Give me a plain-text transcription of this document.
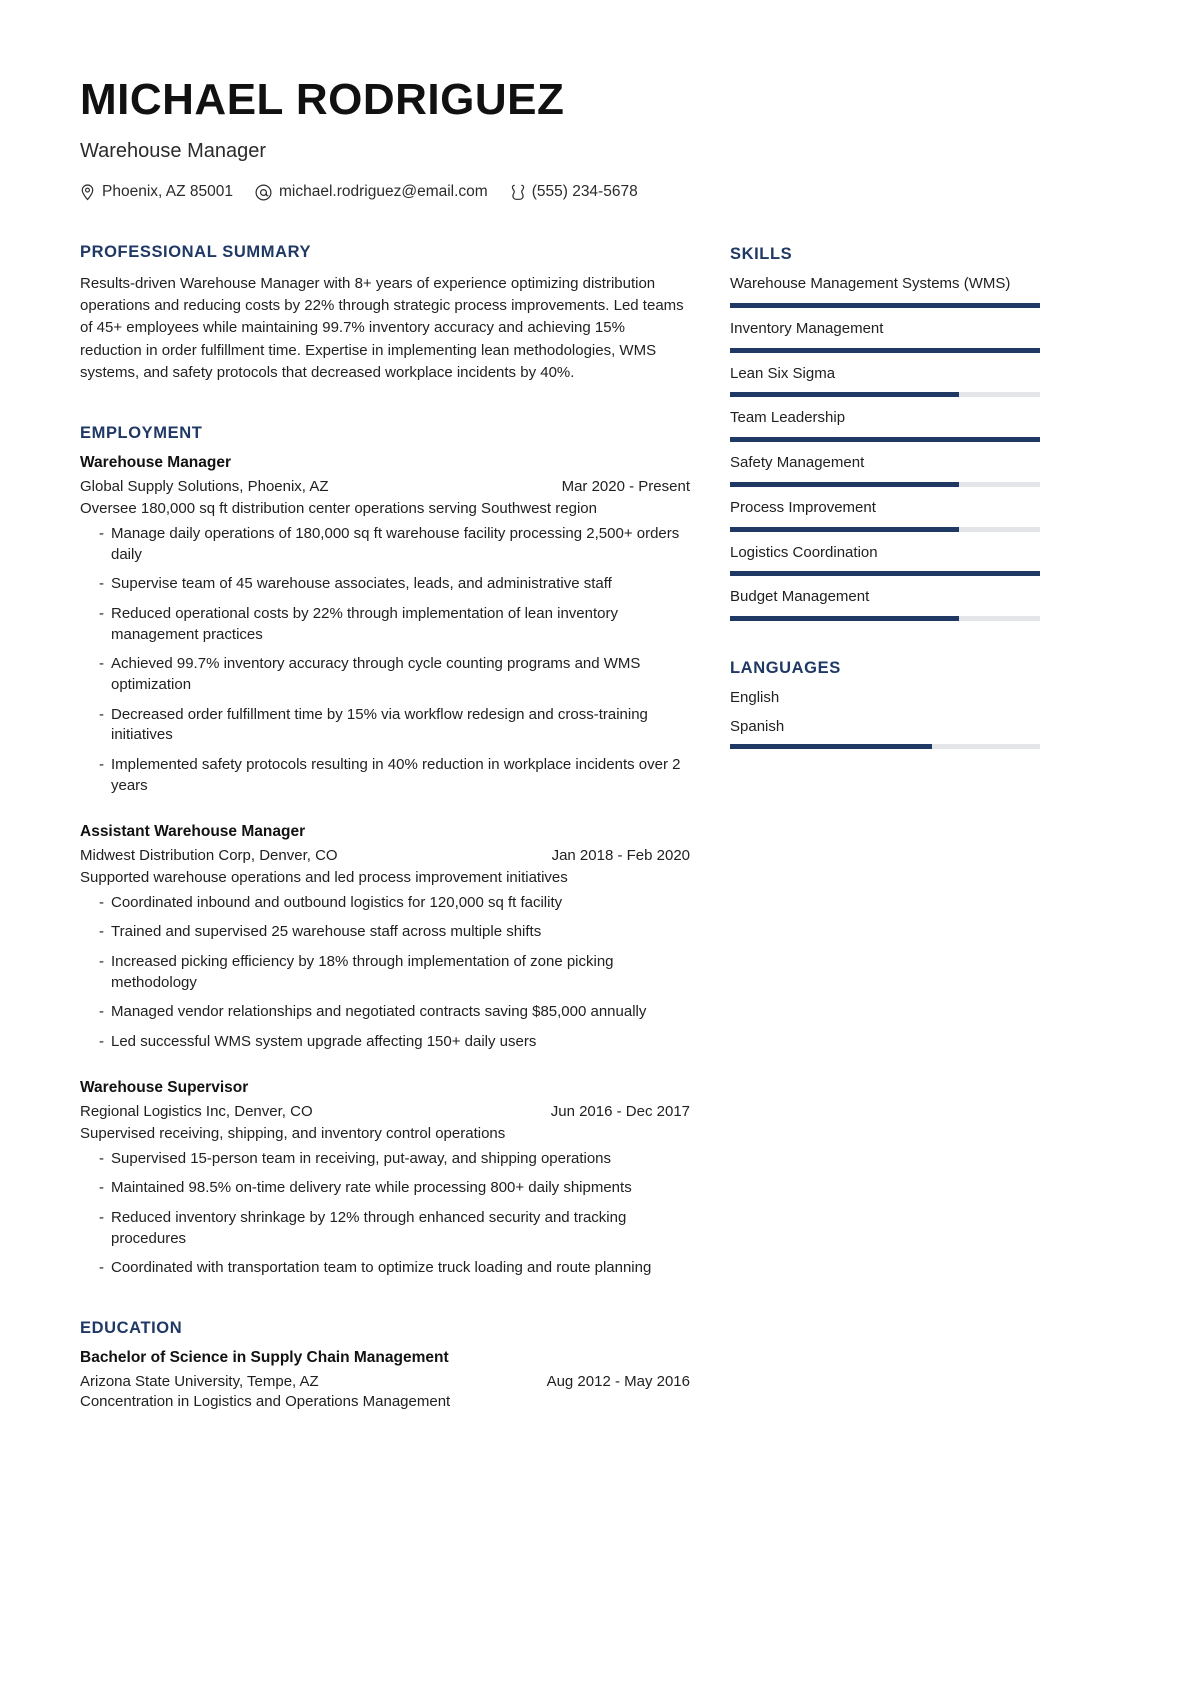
MICHAEL RODRIGUEZ
Warehouse Manager
Phoenix, AZ 85001	michael.rodriguez@email.com	(555) 234-5678
PROFESSIONAL SUMMARY

Results-driven Warehouse Manager with 8+ years of experience optimizing distribution operations and reducing costs by 22% through strategic process improvements. Led teams of 45+ employees while maintaining 99.7% inventory accuracy and achieving 15% reduction in order fulfillment time. Expertise in implementing lean methodologies, WMS systems, and safety protocols that decreased workplace incidents by 40%.

EMPLOYMENT
Warehouse Manager
Global Supply Solutions, Phoenix, AZ	Mar 2020 - Present
Oversee 180,000 sq ft distribution center operations serving Southwest region
- Manage daily operations of 180,000 sq ft warehouse facility processing 2,500+ orders daily
- Supervise team of 45 warehouse associates, leads, and administrative staff
- Reduced operational costs by 22% through implementation of lean inventory management practices
- Achieved 99.7% inventory accuracy through cycle counting programs and WMS optimization
- Decreased order fulfillment time by 15% via workflow redesign and cross-training initiatives
- Implemented safety protocols resulting in 40% reduction in workplace incidents over 2 years
Assistant Warehouse Manager
Midwest Distribution Corp, Denver, CO	Jan 2018 - Feb 2020
Supported warehouse operations and led process improvement initiatives
- Coordinated inbound and outbound logistics for 120,000 sq ft facility
- Trained and supervised 25 warehouse staff across multiple shifts
- Increased picking efficiency by 18% through implementation of zone picking methodology
- Managed vendor relationships and negotiated contracts saving $85,000 annually
- Led successful WMS system upgrade affecting 150+ daily users
Warehouse Supervisor
Regional Logistics Inc, Denver, CO	Jun 2016 - Dec 2017
Supervised receiving, shipping, and inventory control operations
- Supervised 15-person team in receiving, put-away, and shipping operations
- Maintained 98.5% on-time delivery rate while processing 800+ daily shipments
- Reduced inventory shrinkage by 12% through enhanced security and tracking procedures
- Coordinated with transportation team to optimize truck loading and route planning
EDUCATION
Bachelor of Science in Supply Chain Management
Arizona State University, Tempe, AZ	Aug 2012 - May 2016
Concentration in Logistics and Operations Management
SKILLS
Warehouse Management Systems (WMS)
Inventory Management
Lean Six Sigma
Team Leadership
Safety Management
Process Improvement
Logistics Coordination
Budget Management
LANGUAGES
English
Spanish
